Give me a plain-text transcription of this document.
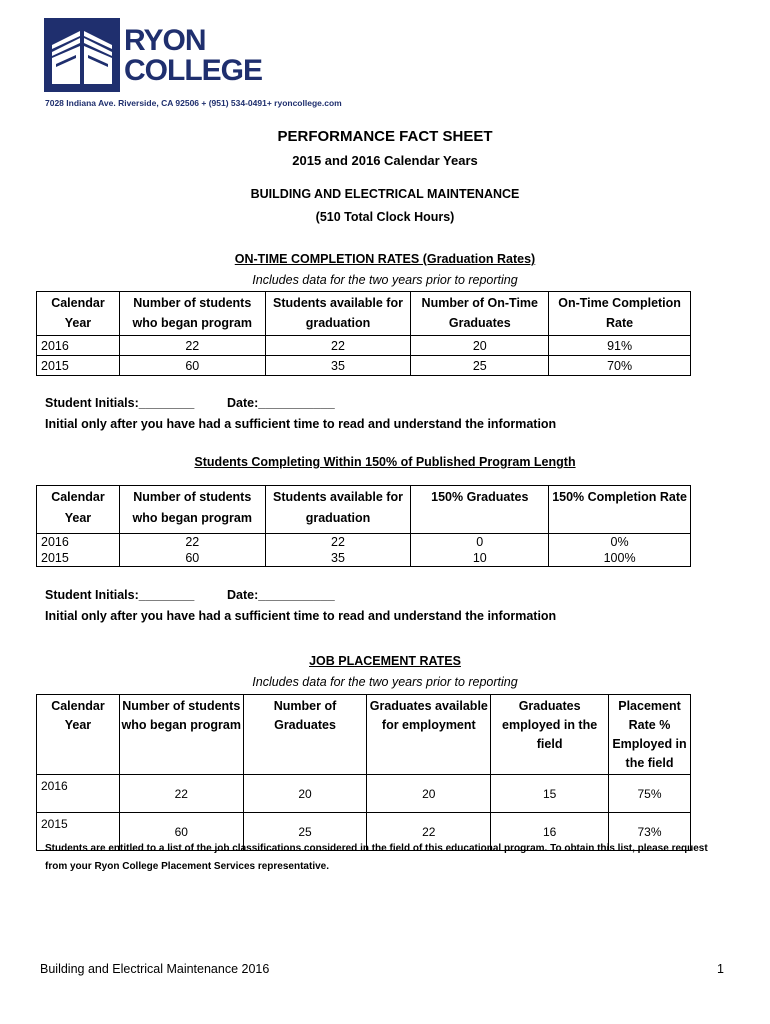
RYON
COLLEGE
7028 Indiana Ave. Riverside, CA 92506 + (951) 534-0491+ ryoncollege.com
PERFORMANCE FACT SHEET
2015 and 2016 Calendar Years
BUILDING AND ELECTRICAL MAINTENANCE
(510 Total Clock Hours)
ON-TIME COMPLETION RATES (Graduation Rates)
Includes data for the two years prior to reporting
Calendar Year	Number of students who began program	Students available for graduation	Number of On-Time Graduates	On-Time Completion Rate
2016	22	22	20	91%
2015	60	35	25	70%
Student Initials:________	Date:___________
Initial only after you have had a sufficient time to read and understand the information
Students Completing Within 150% of Published Program Length
Calendar Year	Number of students who began program	Students available for graduation	150% Graduates	150% Completion Rate
2016	22	22	0	0%
2015	60	35	10	100%
Student Initials:________	Date:___________
Initial only after you have had a sufficient time to read and understand the information
JOB PLACEMENT RATES
Includes data for the two years prior to reporting
Calendar Year	Number of students who began program	Number of Graduates	Graduates available for employment	Graduates employed in the field	Placement Rate % Employed in the field
2016	22	20	20	15	75%
2015	60	25	22	16	73%
Students are entitled to a list of the job classifications considered in the field of this educational program. To obtain this list, please request from your Ryon College Placement Services representative.
Building and Electrical Maintenance 2016	1
